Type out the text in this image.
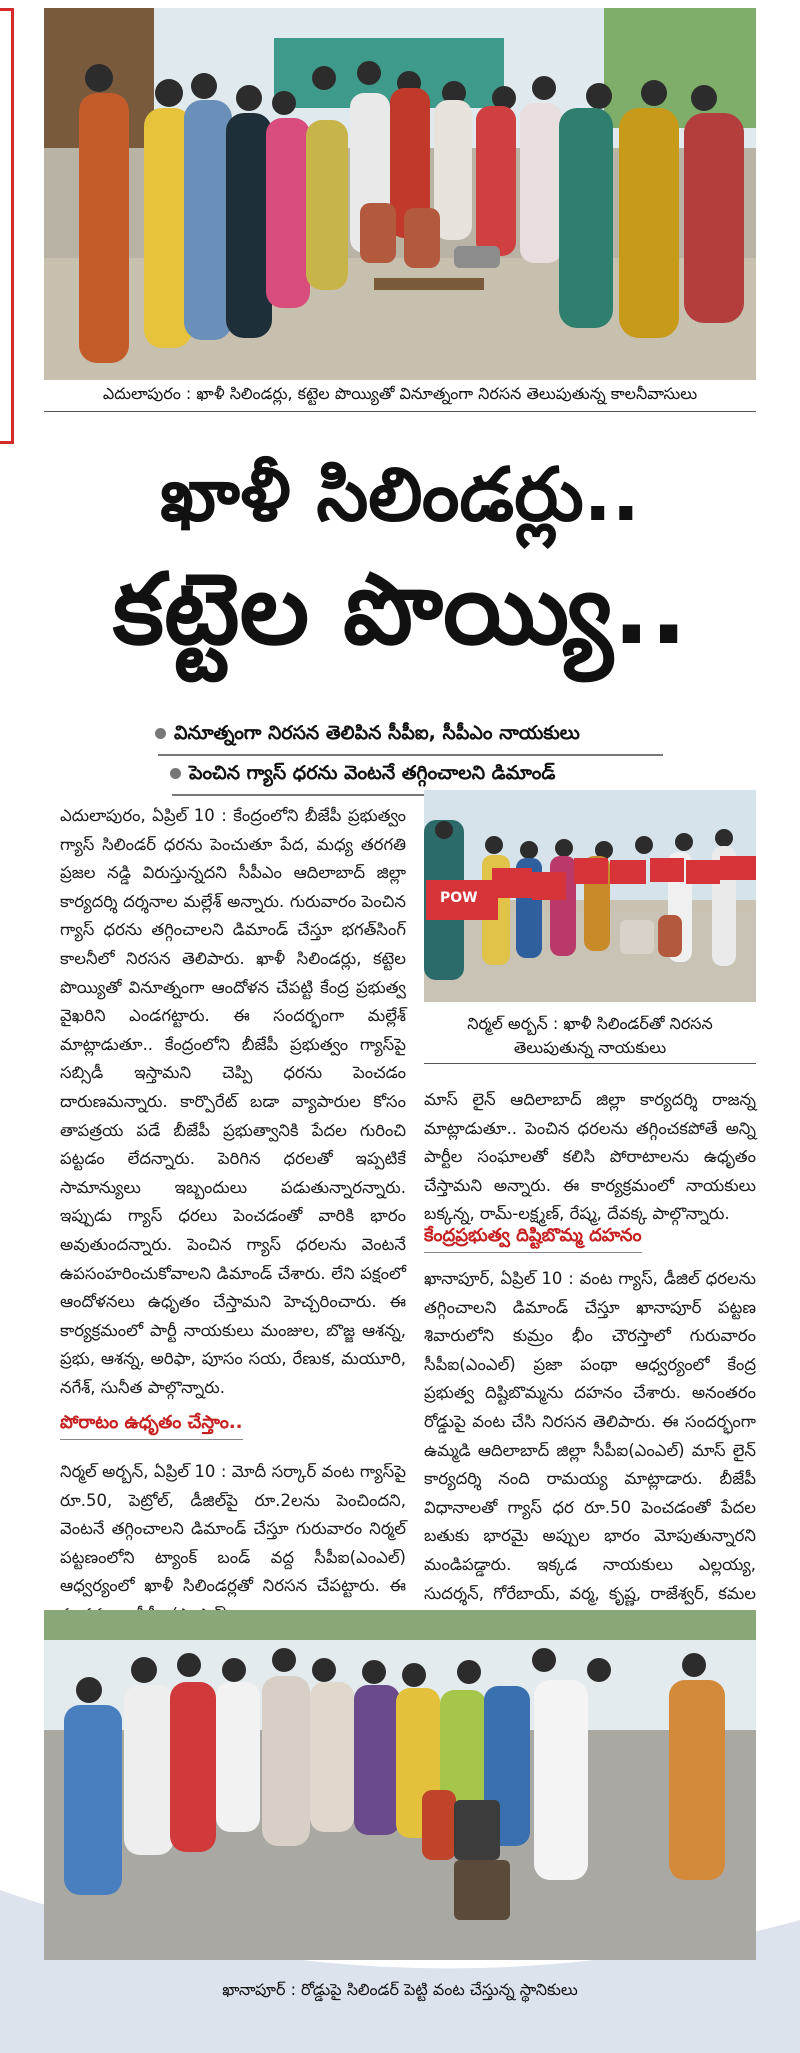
ఎదులాపురం : ఖాళీ సిలిండర్లు, కట్టెల పొయ్యితో వినూత్నంగా నిరసన తెలుపుతున్న కాలనీవాసులు
ఖాళీ సిలిండర్లు..
కట్టెల పొయ్యి..
వినూత్నంగా నిరసన తెలిపిన సీపీఐ, సీపీఎం నాయకులు
పెంచిన గ్యాస్ ధరను వెంటనే తగ్గించాలని డిమాండ్

ఎదులాపురం, ఏప్రిల్ 10 : కేంద్రంలోని బీజేపీ ప్రభుత్వం గ్యాస్ సిలిండర్ ధరను పెంచుతూ పేద, మధ్య తరగతి ప్రజల నడ్డి విరుస్తున్నదని సీపీఎం ఆదిలాబాద్ జిల్లా కార్యదర్శి దర్శనాల మల్లేశ్ అన్నారు. గురువారం పెంచిన గ్యాస్ ధరను తగ్గించాలని డిమాండ్ చేస్తూ భగత్‌సింగ్ కాలనీలో నిరసన తెలిపారు. ఖాళీ సిలిండర్లు, కట్టెల పొయ్యితో వినూత్నంగా ఆందోళన చేపట్టి కేంద్ర ప్రభుత్వ వైఖరిని ఎండగట్టారు. ఈ సందర్భంగా మల్లేశ్ మాట్లాడుతూ.. కేంద్రంలోని బీజేపీ ప్రభుత్వం గ్యాస్‌పై సబ్సిడీ ఇస్తామని చెప్పి ధరను పెంచడం దారుణమన్నారు. కార్పొరేట్ బడా వ్యాపారుల కోసం తాపత్రయ పడే బీజేపీ ప్రభుత్వానికి పేదల గురించి పట్టడం లేదన్నారు. పెరిగిన ధరలతో ఇప్పటికే సామాన్యులు ఇబ్బందులు పడుతున్నారన్నారు. ఇప్పుడు గ్యాస్ ధరలు పెంచడంతో వారికి భారం అవుతుందన్నారు. పెంచిన గ్యాస్ ధరలను వెంటనే ఉపసంహరించుకోవాలని డిమాండ్ చేశారు. లేని పక్షంలో ఆందోళనలు ఉధృతం చేస్తామని హెచ్చరించారు. ఈ కార్యక్రమంలో పార్టీ నాయకులు మంజుల, బొజ్జ ఆశన్న, ప్రభు, ఆశన్న, అరిఫా, పూసం సయ, రేణుక, మయూరి, నగేశ్, సునీత పాల్గొన్నారు.

పోరాటం ఉధృతం చేస్తాం..

నిర్మల్ అర్బన్, ఏప్రిల్ 10 : మోదీ సర్కార్ వంట గ్యాస్‌పై రూ.50, పెట్రోల్, డీజిల్‌పై రూ.2లను పెంచిందని, వెంటనే తగ్గించాలని డిమాండ్ చేస్తూ గురువారం నిర్మల్ పట్టణంలోని ట్యాంక్ బండ్ వద్ద సీపీఐ(ఎంఎల్) ఆధ్వర్యంలో ఖాళీ సిలిండర్లతో నిరసన చేపట్టారు. ఈ

POW
నిర్మల్ అర్బన్ : ఖాళీ సిలిండర్‌తో నిరసన
తెలుపుతున్న నాయకులు

మాస్ లైన్ ఆదిలాబాద్ జిల్లా కార్యదర్శి రాజన్న మాట్లాడుతూ.. పెంచిన ధరలను తగ్గించకపోతే అన్ని పార్టీల సంఘాలతో కలిసి పోరాటాలను ఉధృతం చేస్తామని అన్నారు. ఈ కార్యక్రమంలో నాయకులు బక్కన్న, రామ్-లక్ష్మణ్, రేష్మ, దేవక్క పాల్గొన్నారు.

కేంద్రప్రభుత్వ దిష్టిబొమ్మ దహనం

ఖానాపూర్, ఏప్రిల్ 10 : వంట గ్యాస్, డీజిల్ ధరలను తగ్గించాలని డిమాండ్ చేస్తూ ఖానాపూర్ పట్టణ శివారులోని కుమ్రం భీం చౌరస్తాలో గురువారం సీపీఐ(ఎంఎల్) ప్రజా పంథా ఆధ్వర్యంలో కేంద్ర ప్రభుత్వ దిష్టిబొమ్మను దహనం చేశారు. అనంతరం రోడ్డుపై వంట చేసి నిరసన తెలిపారు. ఈ సందర్భంగా ఉమ్మడి ఆదిలాబాద్ జిల్లా సీపీఐ(ఎంఎల్) మాస్ లైన్ కార్యదర్శి నంది రామయ్య మాట్లాడారు. బీజేపీ విధానాలతో గ్యాస్ ధర రూ.50 పెంచడంతో పేదల బతుకు భారమై అప్పుల భారం మోపుతున్నారని మండిపడ్డారు. ఇక్కడ నాయకులు ఎల్లయ్య, సుదర్శన్, గోరేబాయ్, వర్మ, కృష్ణ, రాజేశ్వర్, కమల

ఖానాపూర్ : రోడ్డుపై సిలిండర్ పెట్టి వంట చేస్తున్న స్థానికులు
